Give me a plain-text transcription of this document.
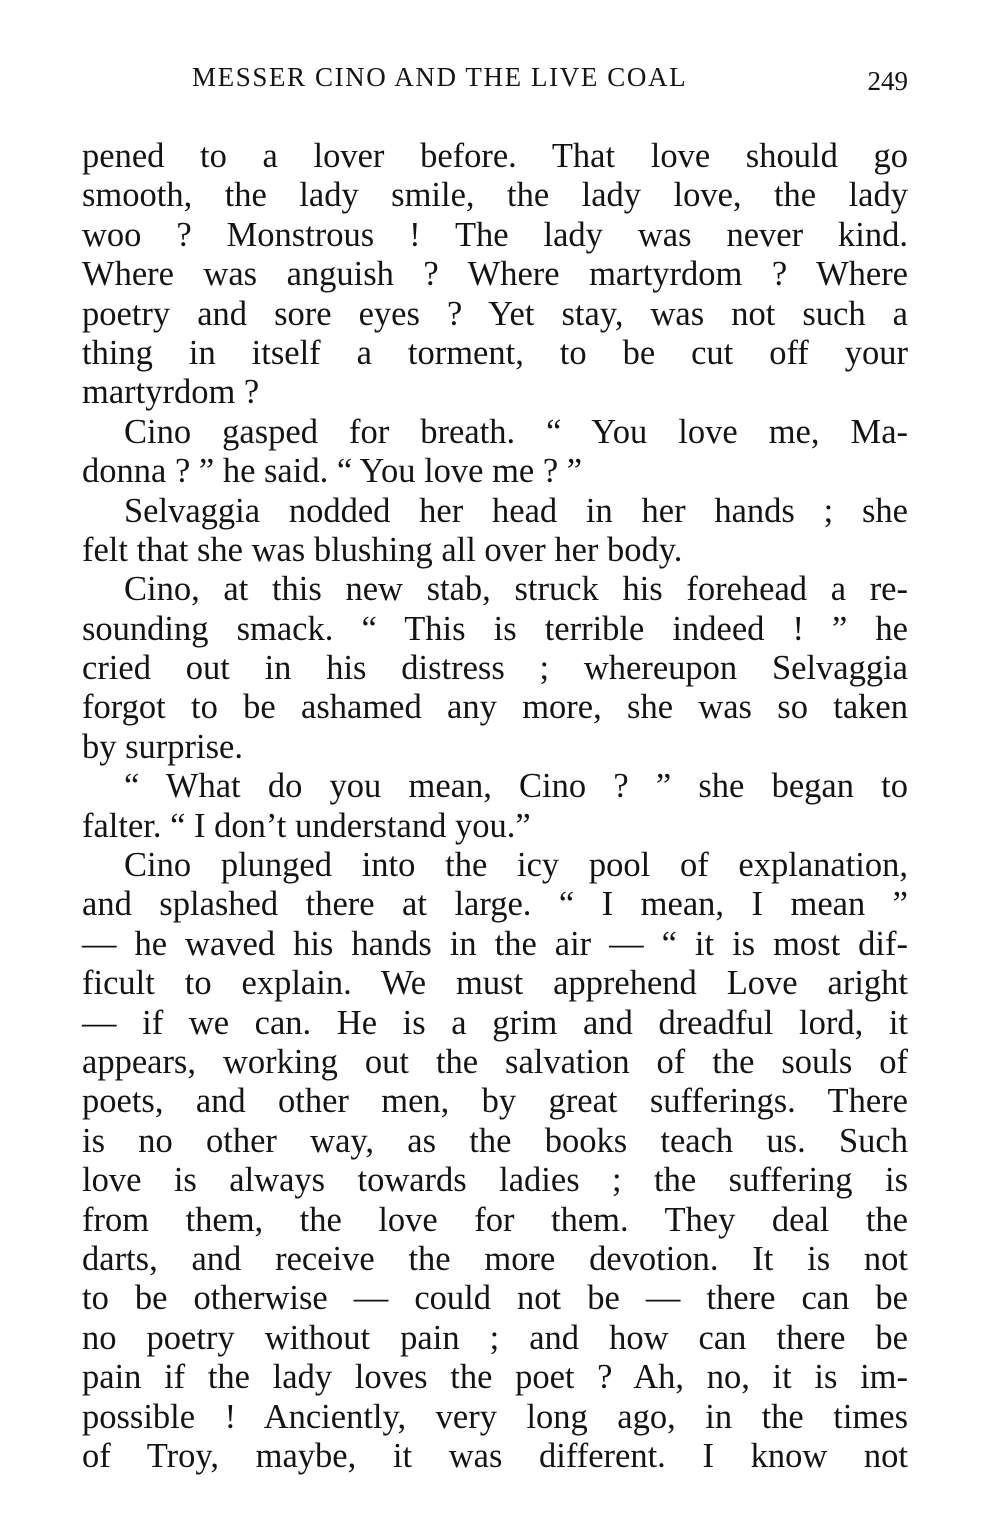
MESSER CINO AND THE LIVE COAL	249
pened to a lover before. That love should go
smooth, the lady smile, the lady love, the lady
woo ? Monstrous ! The lady was never kind.
Where was anguish ? Where martyrdom ? Where
poetry and sore eyes ? Yet stay, was not such a
thing in itself a torment, to be cut off your
martyrdom ?
Cino gasped for breath. “ You love me, Ma-
donna ? ” he said. “ You love me ? ”
Selvaggia nodded her head in her hands ; she
felt that she was blushing all over her body.
Cino, at this new stab, struck his forehead a re-
sounding smack. “ This is terrible indeed ! ” he
cried out in his distress ; whereupon Selvaggia
forgot to be ashamed any more, she was so taken
by surprise.
“ What do you mean, Cino ? ” she began to
falter. “ I don’t understand you.”
Cino plunged into the icy pool of explanation,
and splashed there at large. “ I mean, I mean ”
— he waved his hands in the air — “ it is most dif-
ficult to explain. We must apprehend Love aright
— if we can. He is a grim and dreadful lord, it
appears, working out the salvation of the souls of
poets, and other men, by great sufferings. There
is no other way, as the books teach us. Such
love is always towards ladies ; the suffering is
from them, the love for them. They deal the
darts, and receive the more devotion. It is not
to be otherwise — could not be — there can be
no poetry without pain ; and how can there be
pain if the lady loves the poet ? Ah, no, it is im-
possible ! Anciently, very long ago, in the times
of Troy, maybe, it was different. I know not
